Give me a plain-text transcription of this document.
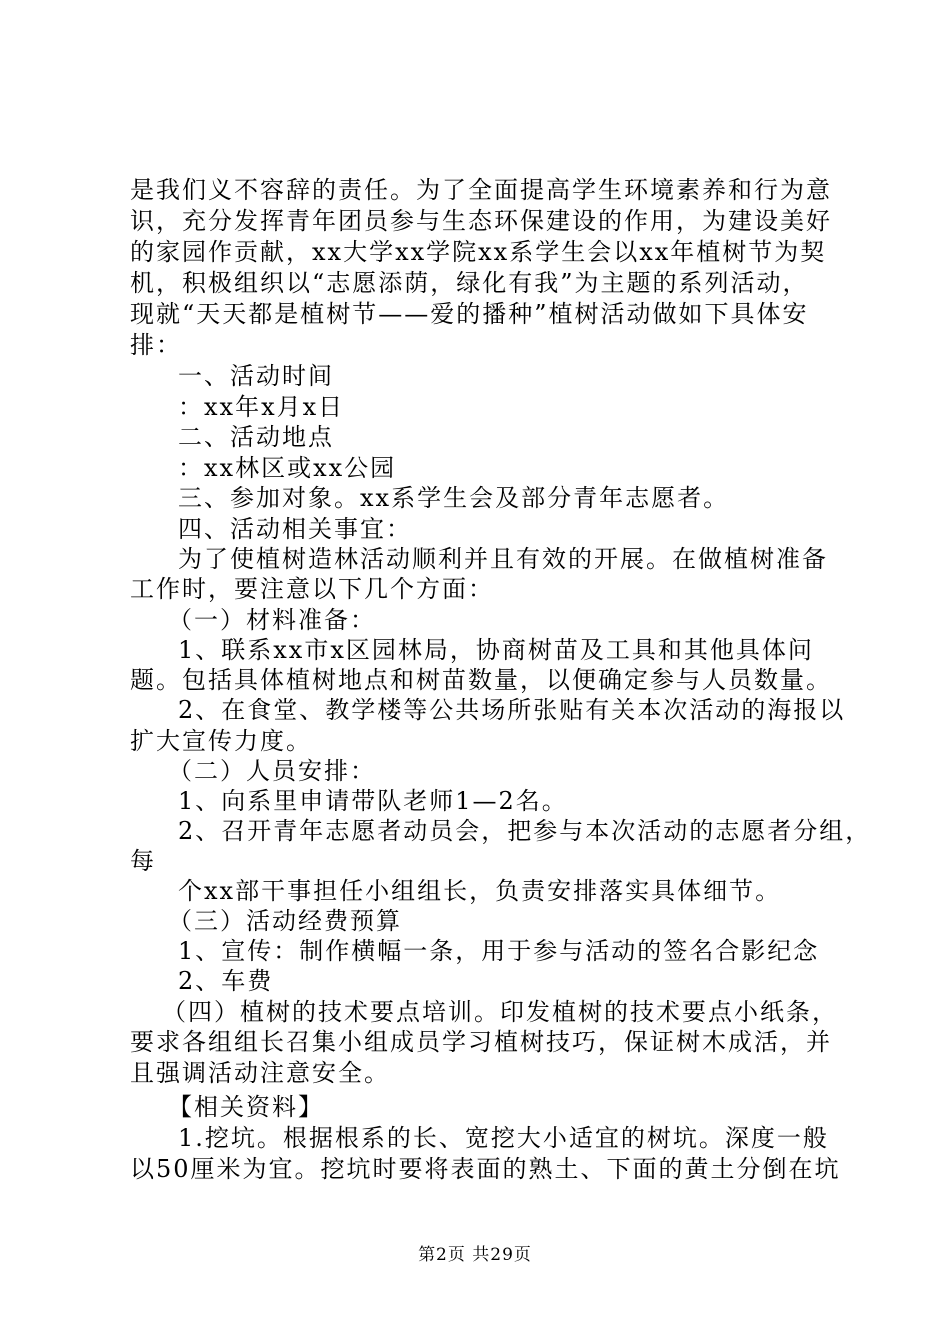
是我们义不容辞的责任。为了全面提高学生环境素养和行为意
识，充分发挥青年团员参与生态环保建设的作用，为建设美好
的家园作贡献，xx大学xx学院xx系学生会以xx年植树节为契
机，积极组织以“志愿添荫，绿化有我”为主题的系列活动，
现就“天天都是植树节——爱的播种”植树活动做如下具体安
排：
一、活动时间
：xx年x月x日
二、活动地点
：xx林区或xx公园
三、参加对象。xx系学生会及部分青年志愿者。
四、活动相关事宜：
为了使植树造林活动顺利并且有效的开展。在做植树准备
工作时，要注意以下几个方面：
（一）材料准备：
1、联系xx市x区园林局，协商树苗及工具和其他具体问
题。包括具体植树地点和树苗数量，以便确定参与人员数量。
2、在食堂、教学楼等公共场所张贴有关本次活动的海报以
扩大宣传力度。
（二）人员安排：
1、向系里申请带队老师1—2名。
2、召开青年志愿者动员会，把参与本次活动的志愿者分组，
每
个xx部干事担任小组组长，负责安排落实具体细节。
（三）活动经费预算
1、宣传：制作横幅一条，用于参与活动的签名合影纪念
2、车费
（四）植树的技术要点培训。印发植树的技术要点小纸条，
要求各组组长召集小组成员学习植树技巧，保证树木成活，并
且强调活动注意安全。
【相关资料】
1.挖坑。根据根系的长、宽挖大小适宜的树坑。深度一般
以50厘米为宜。挖坑时要将表面的熟土、下面的黄土分倒在坑
第2页 共29页
